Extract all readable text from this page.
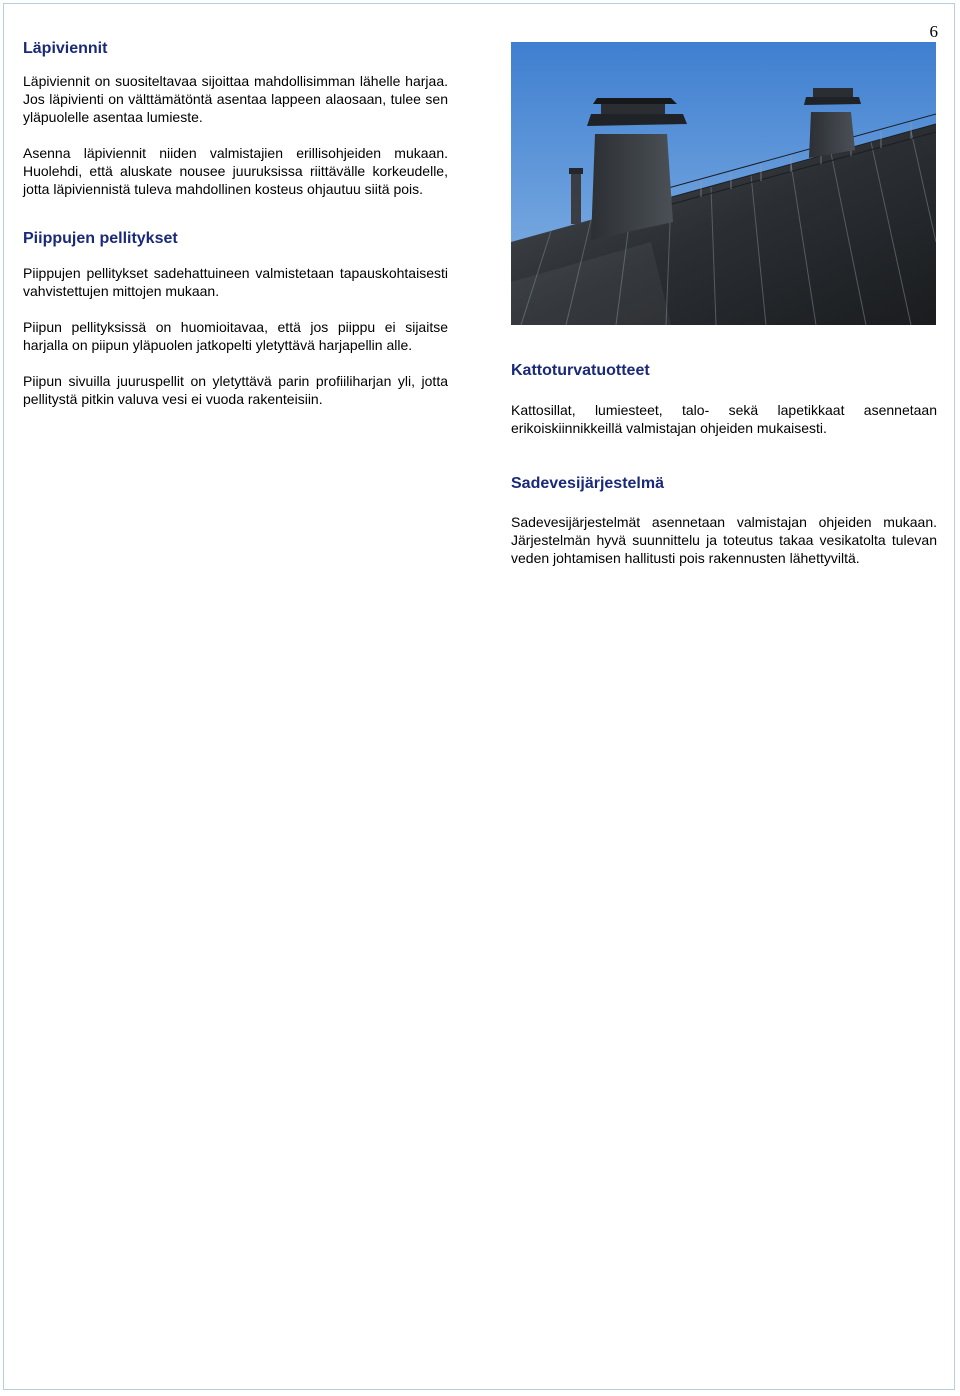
6
Läpiviennit

Läpiviennit on suositeltavaa sijoittaa mahdollisimman lähelle harjaa. Jos läpivienti on välttämätöntä asentaa lappeen alaosaan, tulee sen yläpuolelle asentaa lumieste.

Asenna läpiviennit niiden valmistajien erillisohjeiden mukaan. Huolehdi, että aluskate nousee juuruksissa riittävälle korkeudelle, jotta läpiviennistä tuleva mahdollinen kosteus ohjautuu siitä pois.

Piippujen pellitykset

Piippujen pellitykset sadehattuineen valmistetaan tapauskohtaisesti vahvistettujen mittojen mukaan.

Piipun pellityksissä on huomioitavaa, että jos piippu ei sijaitse harjalla on piipun yläpuolen jatkopelti yletyttävä harjapellin alle.

Piipun sivuilla juuruspellit on yletyttävä parin profiiliharjan yli, jotta pellitystä pitkin valuva vesi ei vuoda rakenteisiin.

Kattoturvatuotteet

Kattosillat, lumiesteet, talo- sekä lapetikkaat asennetaan erikoiskiinnikkeillä valmistajan ohjeiden mukaisesti.

Sadevesijärjestelmä

Sadevesijärjestelmät asennetaan valmistajan ohjeiden mukaan. Järjestelmän hyvä suunnittelu ja toteutus takaa vesikatolta tulevan veden johtamisen hallitusti pois rakennusten lähettyviltä.
